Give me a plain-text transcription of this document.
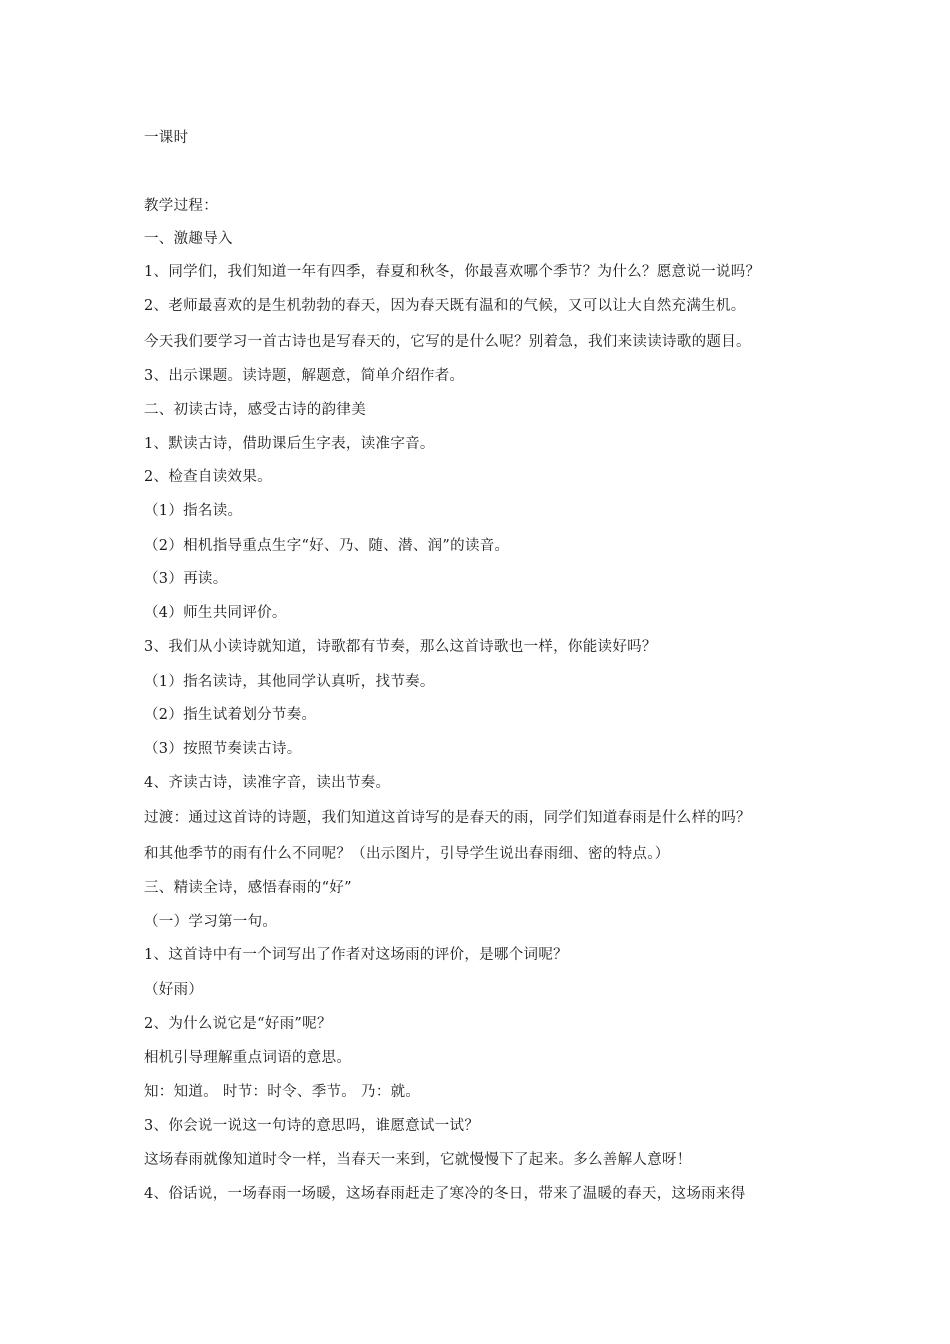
一课时
教学过程：
一、激趣导入
1、同学们，我们知道一年有四季，春夏和秋冬，你最喜欢哪个季节？为什么？愿意说一说吗？
2、老师最喜欢的是生机勃勃的春天，因为春天既有温和的气候，又可以让大自然充满生机。
今天我们要学习一首古诗也是写春天的，它写的是什么呢？别着急，我们来读读诗歌的题目。
3、出示课题。读诗题，解题意，简单介绍作者。
二、初读古诗，感受古诗的韵律美
1、默读古诗，借助课后生字表，读准字音。
2、检查自读效果。
（1）指名读。
（2）相机指导重点生字“好、乃、随、潜、润”的读音。
（3）再读。
（4）师生共同评价。
3、我们从小读诗就知道，诗歌都有节奏，那么这首诗歌也一样，你能读好吗？
（1）指名读诗，其他同学认真听，找节奏。
（2）指生试着划分节奏。
（3）按照节奏读古诗。
4、齐读古诗，读准字音，读出节奏。
过渡：通过这首诗的诗题，我们知道这首诗写的是春天的雨，同学们知道春雨是什么样的吗？
和其他季节的雨有什么不同呢？（出示图片，引导学生说出春雨细、密的特点。）
三、精读全诗，感悟春雨的“好”
（一）学习第一句。
1、这首诗中有一个词写出了作者对这场雨的评价，是哪个词呢？
（好雨）
2、为什么说它是“好雨”呢？
相机引导理解重点词语的意思。
知：知道。 时节：时令、季节。 乃：就。
3、你会说一说这一句诗的意思吗，谁愿意试一试？
这场春雨就像知道时令一样，当春天一来到，它就慢慢下了起来。多么善解人意呀！
4、俗话说，一场春雨一场暖，这场春雨赶走了寒冷的冬日，带来了温暖的春天，这场雨来得
